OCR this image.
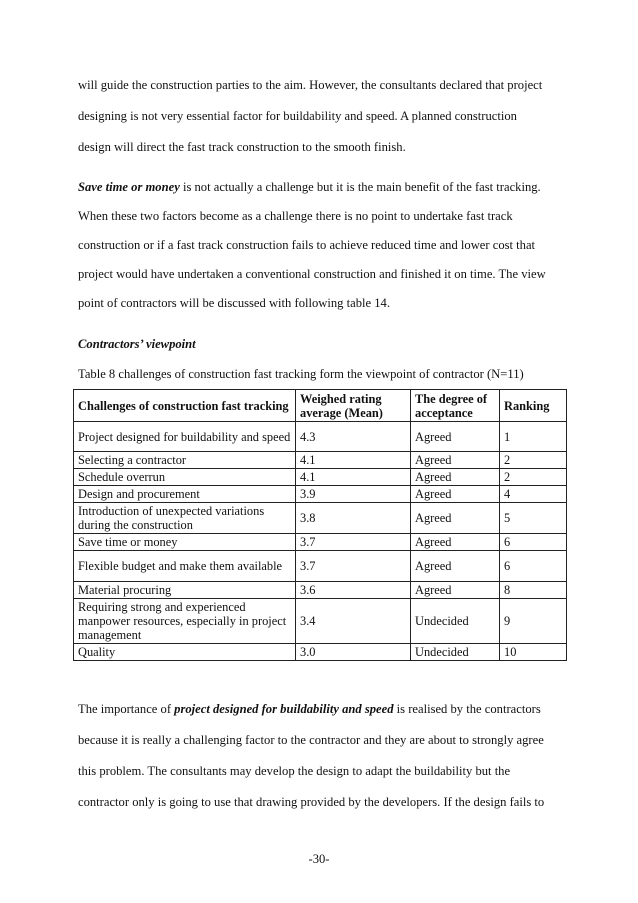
will guide the construction parties to the aim. However, the consultants declared that project
designing is not very essential factor for buildability and speed. A planned construction
design will direct the fast track construction to the smooth finish.
Save time or money is not actually a challenge but it is the main benefit of the fast tracking.
When these two factors become as a challenge there is no point to undertake fast track
construction or if a fast track construction fails to achieve reduced time and lower cost that
project would have undertaken a conventional construction and finished it on time. The view
point of contractors will be discussed with following table 14.
Contractors’ viewpoint
Table 8 challenges of construction fast tracking form the viewpoint of contractor (N=11)
Challenges of construction fast tracking	Weighed rating average (Mean)	The degree of acceptance	Ranking
Project designed for buildability and speed	4.3	Agreed	1
Selecting a contractor	4.1	Agreed	2
Schedule overrun	4.1	Agreed	2
Design and procurement	3.9	Agreed	4
Introduction of unexpected variations during the construction	3.8	Agreed	5
Save time or money	3.7	Agreed	6
Flexible budget and make them available	3.7	Agreed	6
Material procuring	3.6	Agreed	8
Requiring strong and experienced manpower resources, especially in project management	3.4	Undecided	9
Quality	3.0	Undecided	10
The importance of project designed for buildability and speed is realised by the contractors
because it is really a challenging factor to the contractor and they are about to strongly agree
this problem. The consultants may develop the design to adapt the buildability but the
contractor only is going to use that drawing provided by the developers. If the design fails to
-30-
